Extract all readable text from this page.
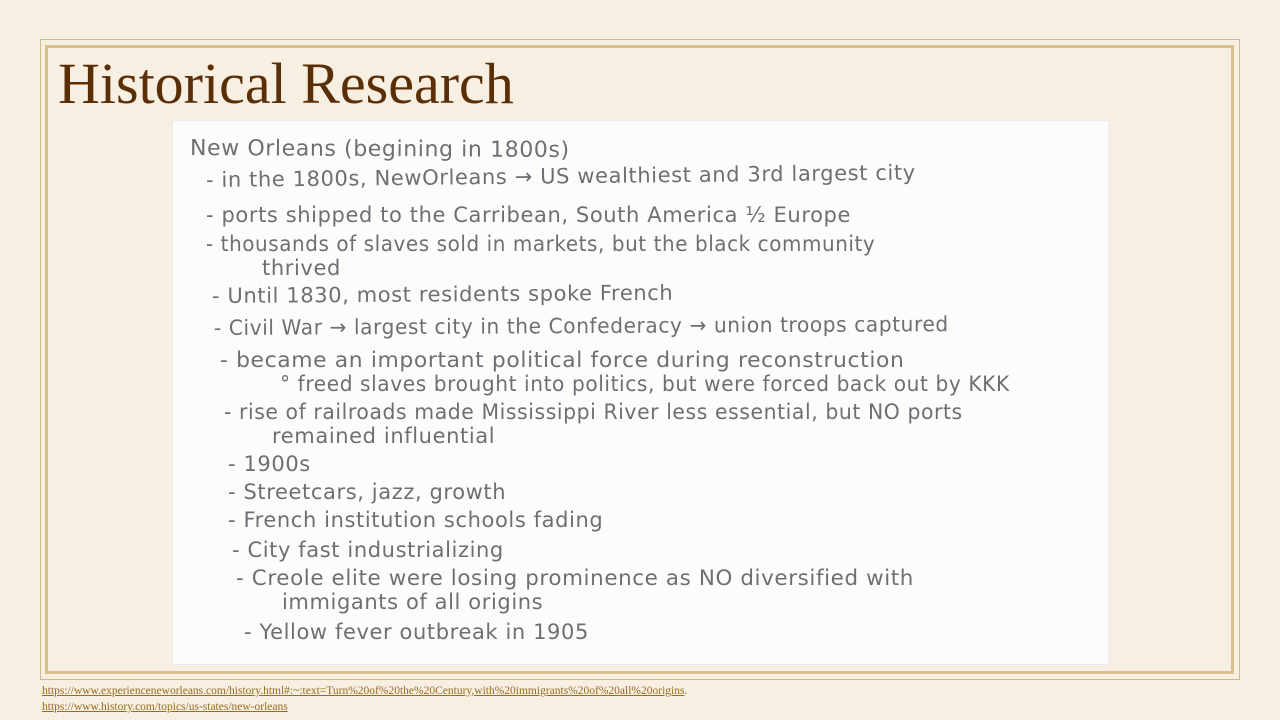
Historical Research
New Orleans (begining in 1800s)
- in the 1800s, NewOrleans → US wealthiest and 3rd largest city
- ports shipped to the Carribean, South America ½ Europe
- thousands of slaves sold in markets, but the black community
thrived
- Until 1830, most residents spoke French
- Civil War → largest city in the Confederacy → union troops captured
- became an important political force during reconstruction
° freed slaves brought into politics, but were forced back out by KKK
- rise of railroads made Mississippi River less essential, but NO ports
remained influential
- 1900s
- Streetcars, jazz, growth
- French institution schools fading
- City fast industrializing
- Creole elite were losing prominence as NO diversified with
immigants of all origins
- Yellow fever outbreak in 1905
https://www.experienceneworleans.com/history.html#:~:text=Turn%20of%20the%20Century,with%20immigrants%20of%20all%20origins.
https://www.history.com/topics/us-states/new-orleans
